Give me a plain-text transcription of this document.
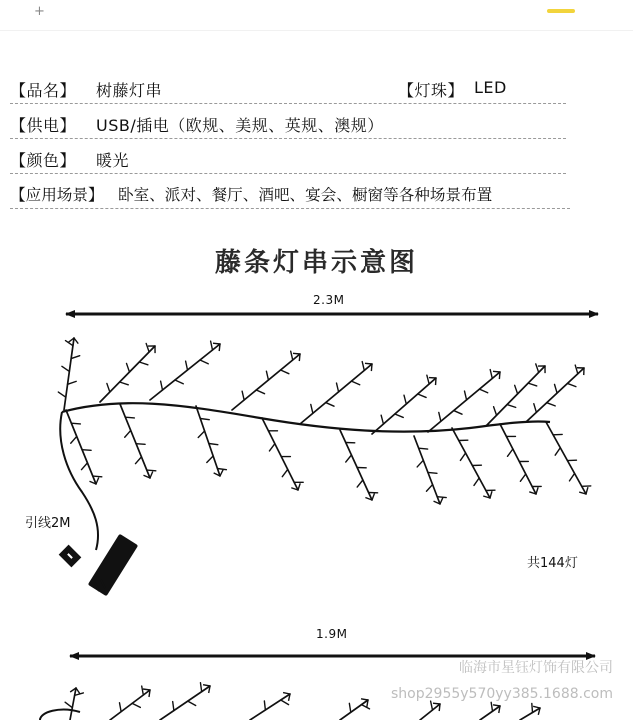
+
【品名】 树藤灯串	【灯珠】 LED
【供电】 USB/插电（欧规、美规、英规、澳规）
【颜色】 暖光
【应用场景】 卧室、派对、餐厅、酒吧、宴会、橱窗等各种场景布置
藤条灯串示意图
2.3M
引线2M
共144灯
1.9M
临海市星钰灯饰有限公司
shop2955y570yy385.1688.com
